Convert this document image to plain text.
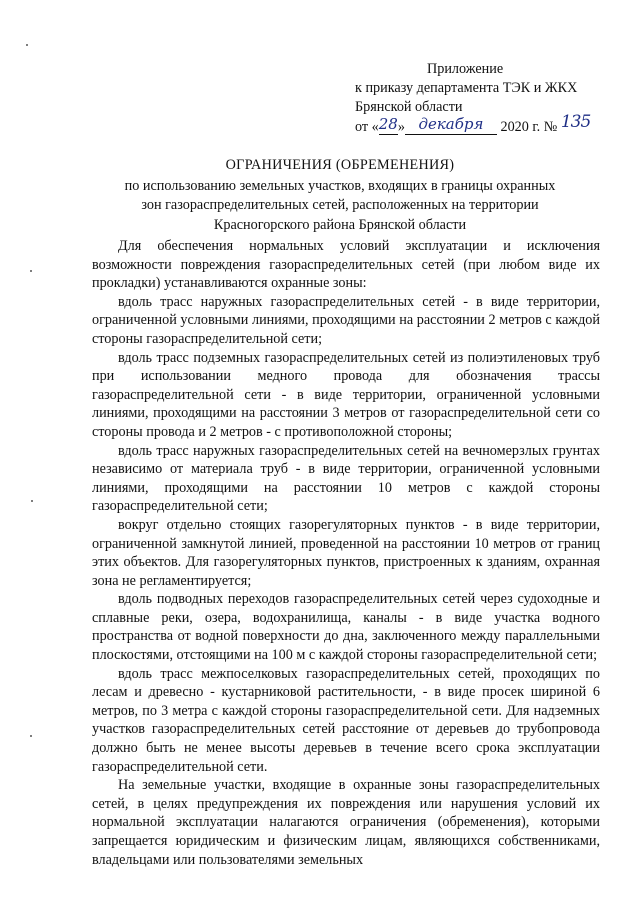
Приложение
к приказу департамента ТЭК и ЖКХ
Брянской области
от «28» декабря 2020 г. № 135
ОГРАНИЧЕНИЯ (ОБРЕМЕНЕНИЯ)
по использованию земельных участков, входящих в границы охранных
зон газораспределительных сетей, расположенных на территории
Красногорского района Брянской области

Для обеспечения нормальных условий эксплуатации и исключения возможности повреждения газораспределительных сетей (при любом виде их прокладки) устанавливаются охранные зоны:

вдоль трасс наружных газораспределительных сетей - в виде территории, ограниченной условными линиями, проходящими на расстоянии 2 метров с каждой стороны газораспределительной сети;

вдоль трасс подземных газораспределительных сетей из полиэтиленовых труб при использовании медного провода для обозначения трассы газораспределительной сети - в виде территории, ограниченной условными линиями, проходящими на расстоянии 3 метров от газораспределительной сети со стороны провода и 2 метров - с противоположной стороны;

вдоль трасс наружных газораспределительных сетей на вечномерзлых грунтах независимо от материала труб - в виде территории, ограниченной условными линиями, проходящими на расстоянии 10 метров с каждой стороны газораспределительной сети;

вокруг отдельно стоящих газорегуляторных пунктов - в виде территории, ограниченной замкнутой линией, проведенной на расстоянии 10 метров от границ этих объектов. Для газорегуляторных пунктов, пристроенных к зданиям, охранная зона не регламентируется;

вдоль подводных переходов газораспределительных сетей через судоходные и сплавные реки, озера, водохранилища, каналы - в виде участка водного пространства от водной поверхности до дна, заключенного между параллельными плоскостями, отстоящими на 100 м с каждой стороны газораспределительной сети;

вдоль трасс межпоселковых газораспределительных сетей, проходящих по лесам и древесно - кустарниковой растительности, - в виде просек шириной 6 метров, по 3 метра с каждой стороны газораспределительной сети. Для надземных участков газораспределительных сетей расстояние от деревьев до трубопровода должно быть не менее высоты деревьев в течение всего срока эксплуатации газораспределительной сети.

На земельные участки, входящие в охранные зоны газораспределительных сетей, в целях предупреждения их повреждения или нарушения условий их нормальной эксплуатации налагаются ограничения (обременения), которыми запрещается юридическим и физическим лицам, являющихся собственниками, владельцами или пользователями земельных
